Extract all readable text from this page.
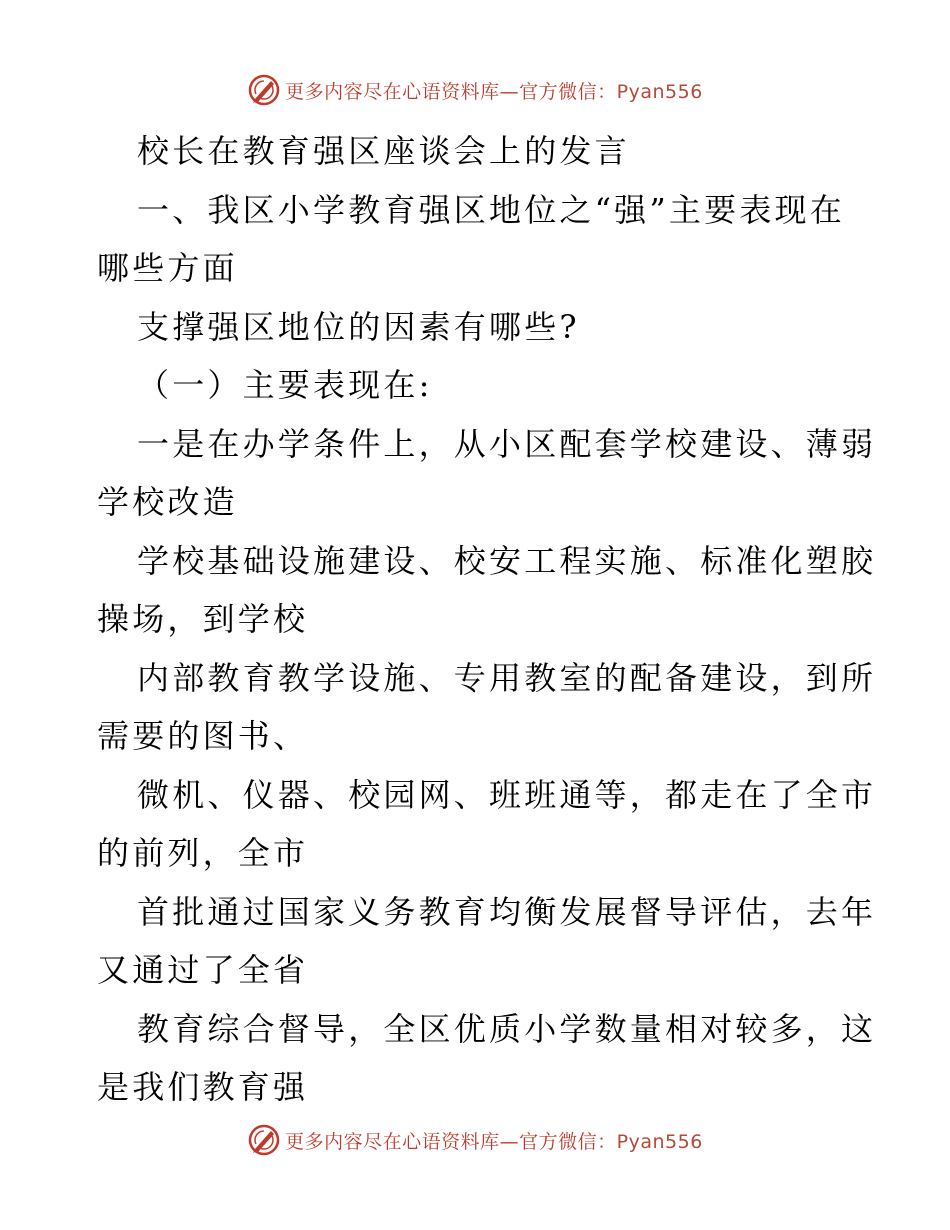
更多内容尽在心语资料库—官方微信：Pyan556
校长在教育强区座谈会上的发言
一、我区小学教育强区地位之“强”主要表现在
哪些方面
支撑强区地位的因素有哪些?
（一）主要表现在:
一是在办学条件上，从小区配套学校建设、薄弱
学校改造
学校基础设施建设、校安工程实施、标准化塑胶
操场，到学校
内部教育教学设施、专用教室的配备建设，到所
需要的图书、
微机、仪器、校园网、班班通等，都走在了全市
的前列，全市
首批通过国家义务教育均衡发展督导评估，去年
又通过了全省
教育综合督导，全区优质小学数量相对较多，这
是我们教育强
更多内容尽在心语资料库—官方微信：Pyan556
